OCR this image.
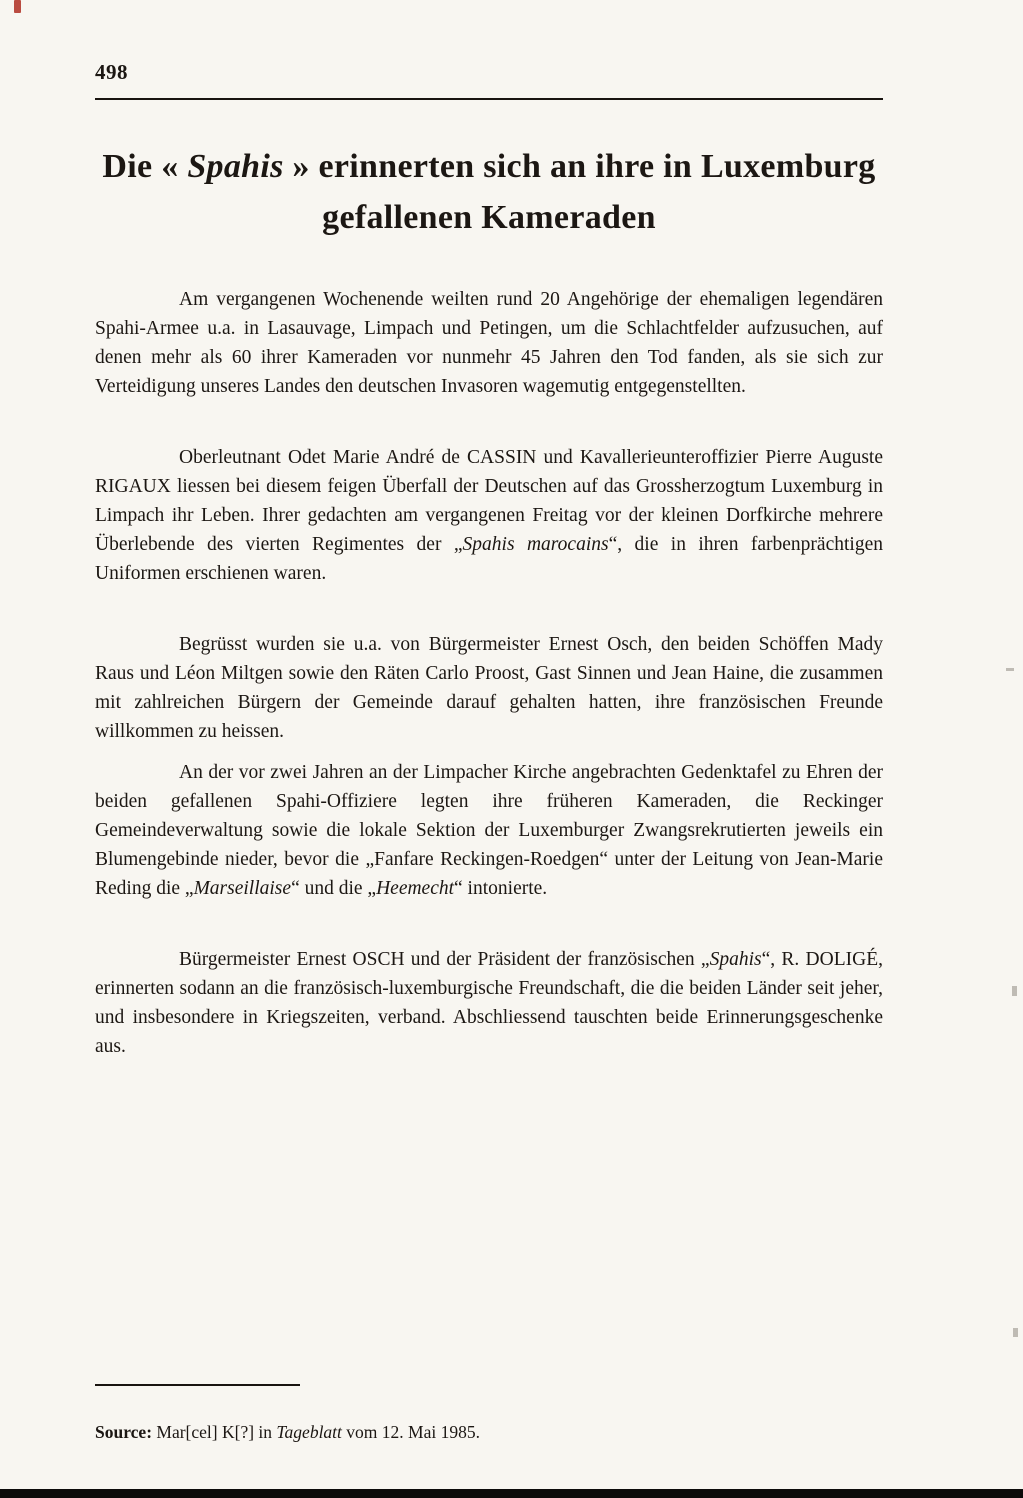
498
Die « Spahis » erinnerten sich an ihre in Luxemburg gefallenen Kameraden

Am vergangenen Wochenende weilten rund 20 Angehörige der ehemaligen legendären Spahi-Armee u.a. in Lasauvage, Limpach und Petingen, um die Schlachtfelder aufzusuchen, auf denen mehr als 60 ihrer Kameraden vor nunmehr 45 Jahren den Tod fanden, als sie sich zur Verteidigung unseres Landes den deutschen Invasoren wagemutig entgegenstellten.

Oberleutnant Odet Marie André de CASSIN und Kavallerieunteroffizier Pierre Auguste RIGAUX liessen bei diesem feigen Überfall der Deutschen auf das Grossherzogtum Luxemburg in Limpach ihr Leben. Ihrer gedachten am vergangenen Freitag vor der kleinen Dorfkirche mehrere Überlebende des vierten Regimentes der „Spahis marocains“, die in ihren farbenprächtigen Uniformen erschienen waren.

Begrüsst wurden sie u.a. von Bürgermeister Ernest Osch, den beiden Schöffen Mady Raus und Léon Miltgen sowie den Räten Carlo Proost, Gast Sinnen und Jean Haine, die zusammen mit zahlreichen Bürgern der Gemeinde darauf gehalten hatten, ihre französischen Freunde willkommen zu heissen.

An der vor zwei Jahren an der Limpacher Kirche angebrachten Gedenktafel zu Ehren der beiden gefallenen Spahi-Offiziere legten ihre früheren Kameraden, die Reckinger Gemeindeverwaltung sowie die lokale Sektion der Luxemburger Zwangsrekrutierten jeweils ein Blumengebinde nieder, bevor die „Fanfare Reckingen-Roedgen“ unter der Leitung von Jean-Marie Reding die „Marseillaise“ und die „Heemecht“ intonierte.

Bürgermeister Ernest OSCH und der Präsident der französischen „Spahis“, R. DOLIGÉ, erinnerten sodann an die französisch-luxemburgische Freundschaft, die die beiden Länder seit jeher, und insbesondere in Kriegszeiten, verband. Abschliessend tauschten beide Erinnerungsgeschenke aus.

Source: Mar[cel] K[?] in Tageblatt vom 12. Mai 1985.
